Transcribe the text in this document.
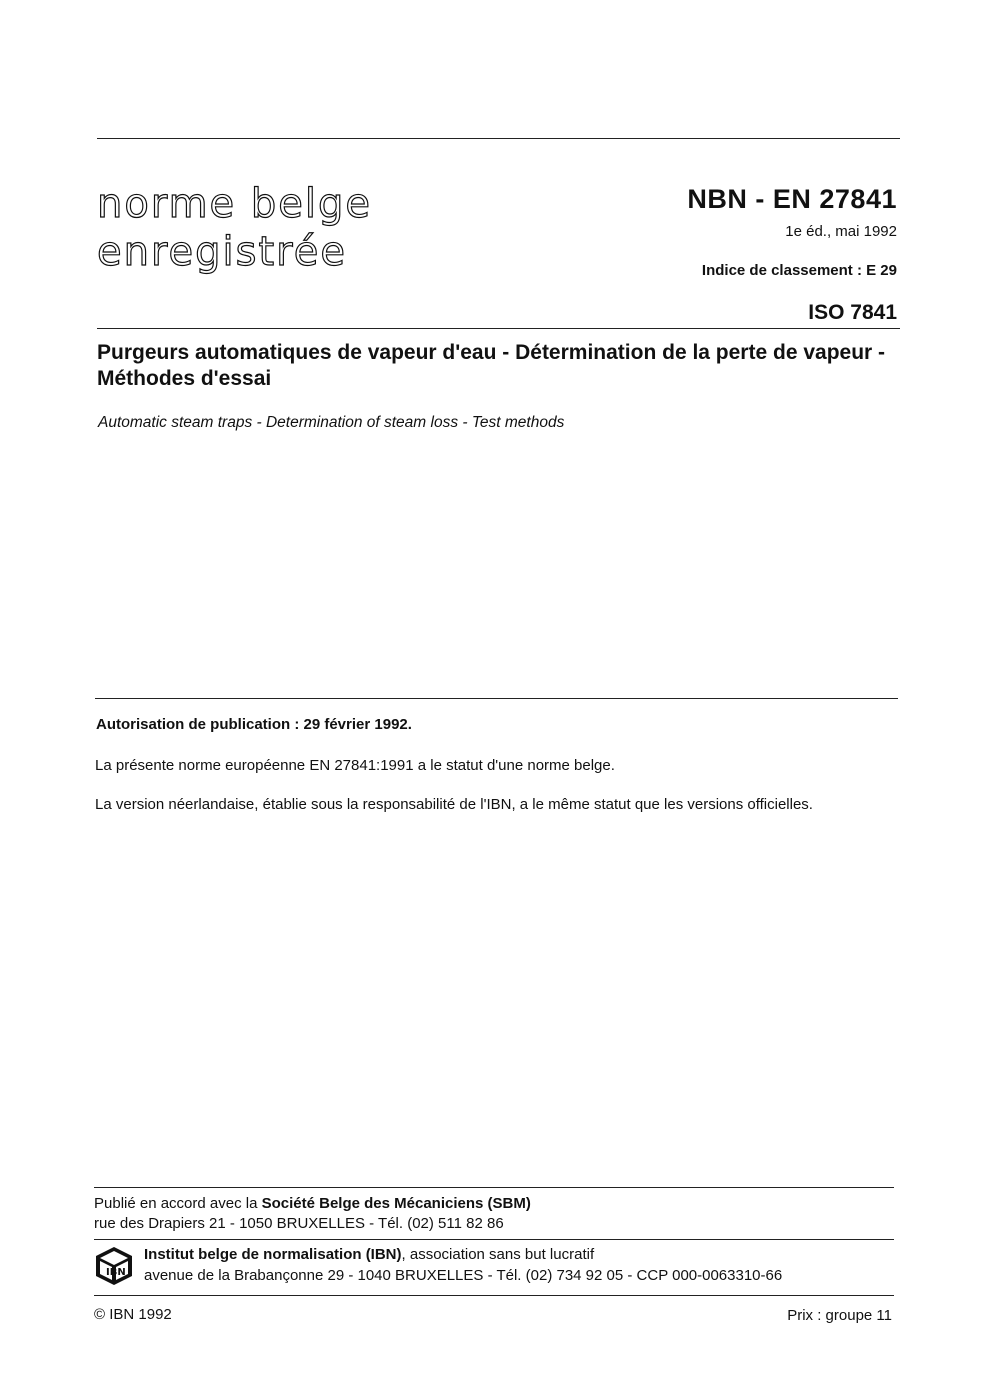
norme belge
enregistrée
NBN - EN 27841
1e éd., mai 1992
Indice de classement : E 29
ISO 7841
Purgeurs automatiques de vapeur d'eau - Détermination de la perte de vapeur - Méthodes d'essai
Automatic steam traps - Determination of steam loss - Test methods
Autorisation de publication : 29 février 1992.
La présente norme européenne EN 27841:1991 a le statut d'une norme belge.
La version néerlandaise, établie sous la responsabilité de l'IBN, a le même statut que les versions officielles.
Publié en accord avec la Société Belge des Mécaniciens (SBM)
rue des Drapiers 21 - 1050 BRUXELLES - Tél. (02) 511 82 86
IBN
Institut belge de normalisation (IBN), association sans but lucratif
avenue de la Brabançonne 29 - 1040 BRUXELLES - Tél. (02) 734 92 05 - CCP 000-0063310-66
© IBN 1992	Prix : groupe 11
